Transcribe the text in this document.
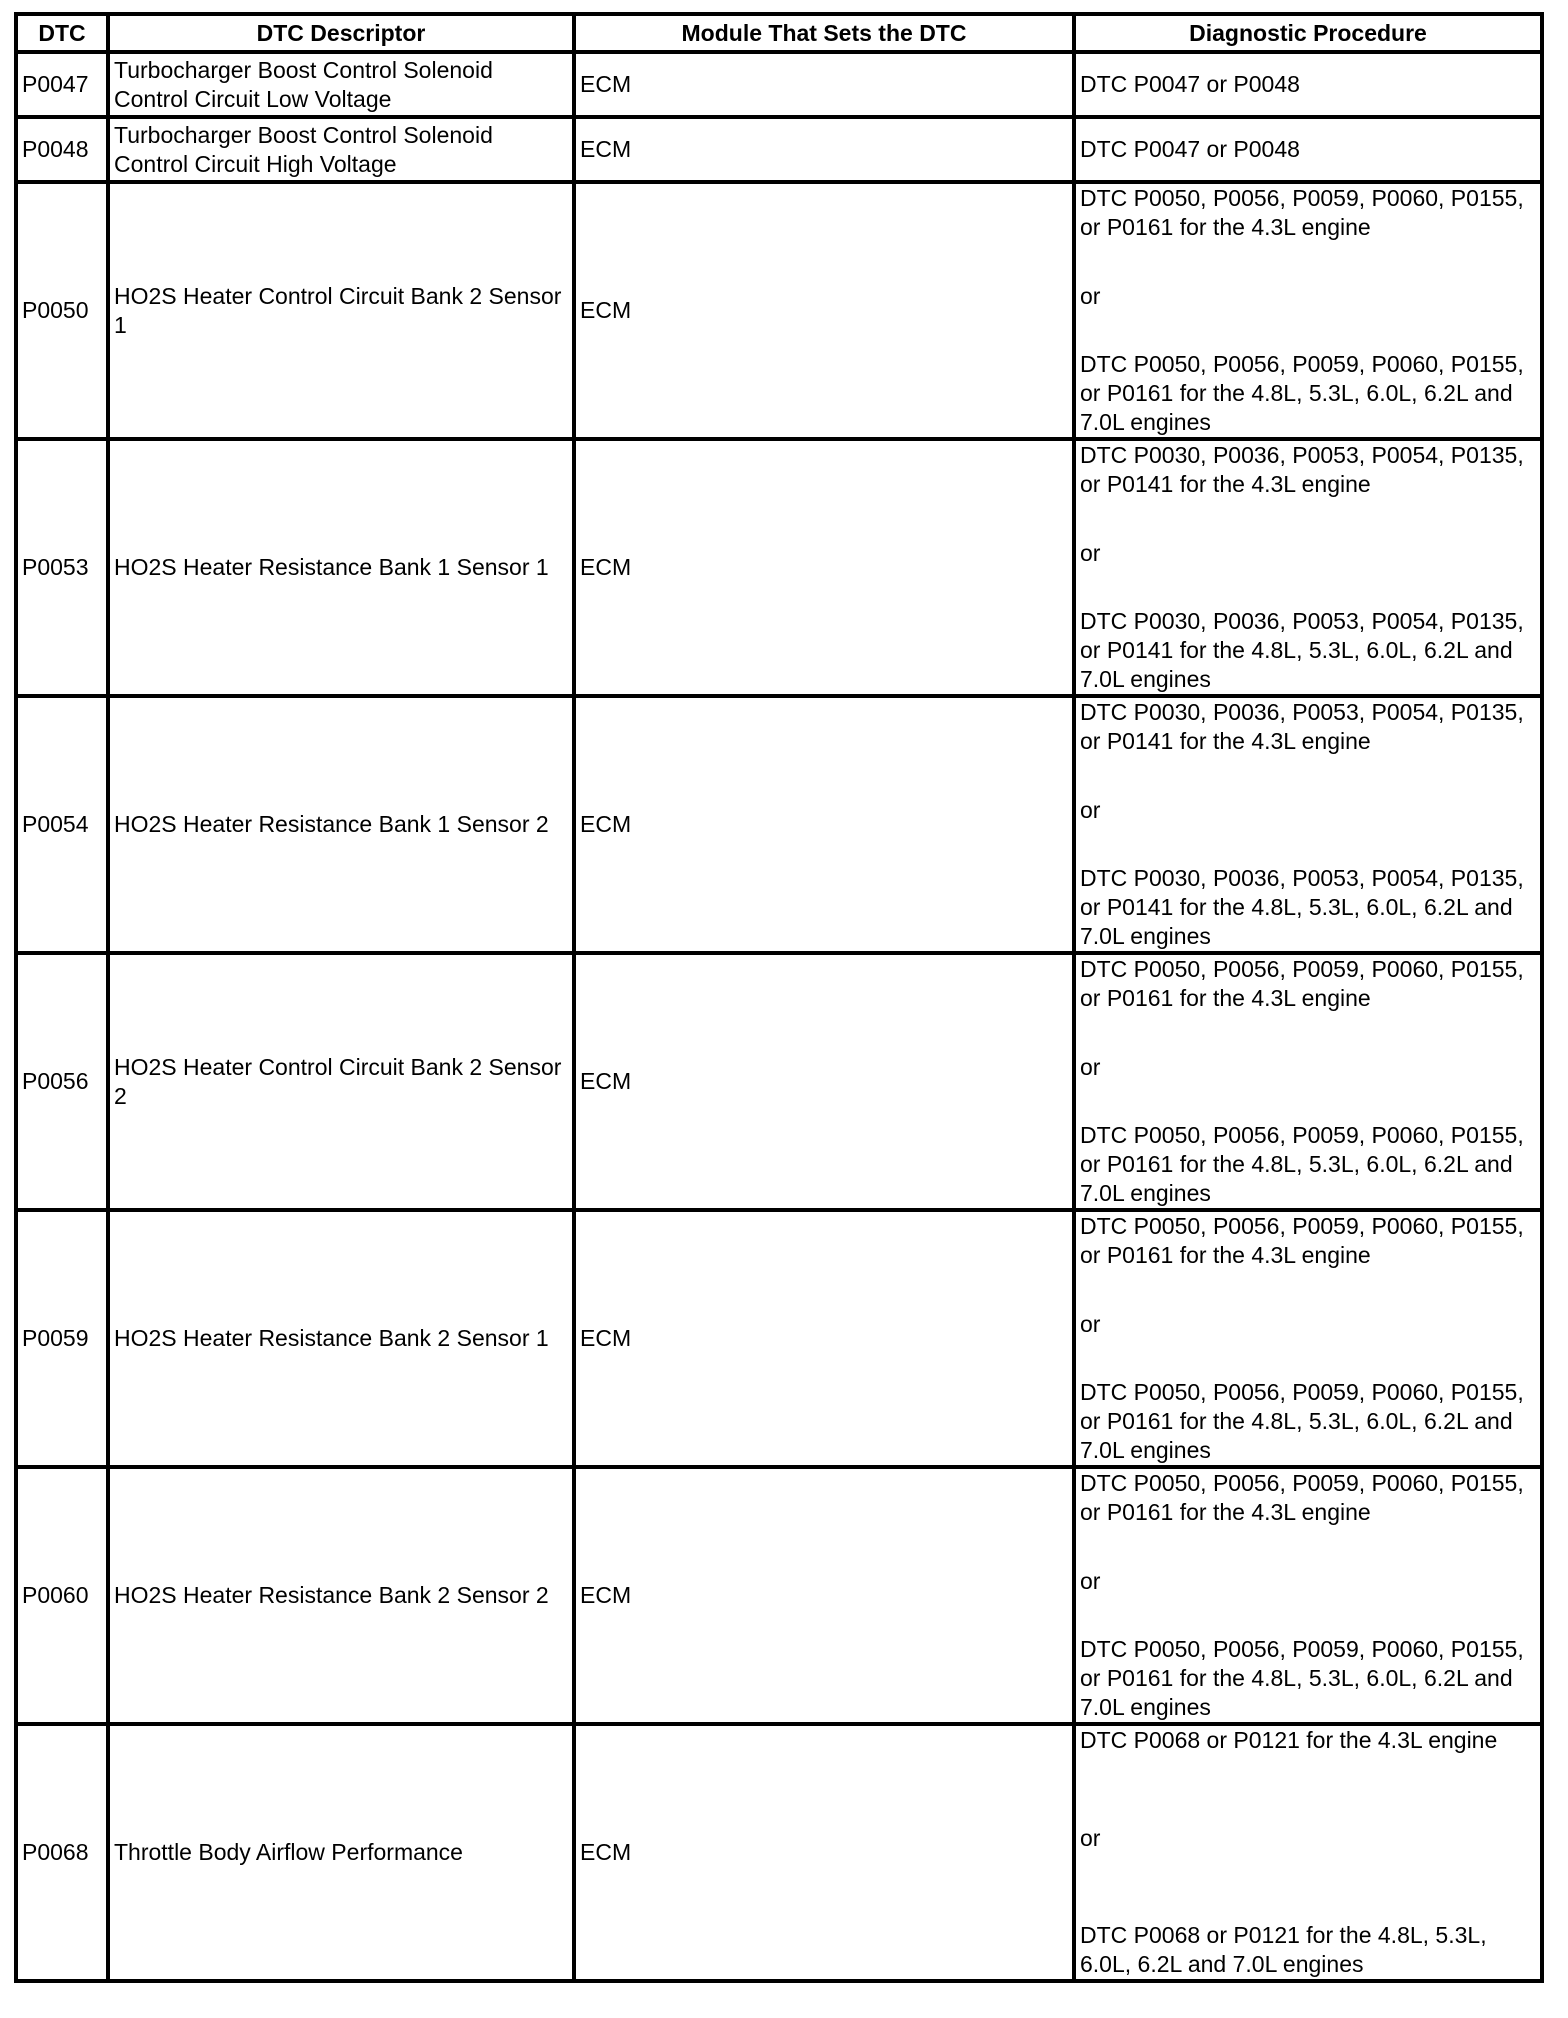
DTC	DTC Descriptor	Module That Sets the DTC	Diagnostic Procedure
P0047	Turbocharger Boost Control Solenoid Control Circuit Low Voltage	ECM	DTC P0047 or P0048
P0048	Turbocharger Boost Control Solenoid Control Circuit High Voltage	ECM	DTC P0047 or P0048
P0050	HO2S Heater Control Circuit Bank 2 Sensor 1	ECM	DTC P0050, P0056, P0059, P0060, P0155, or P0161 for the 4.3L engine
or
DTC P0050, P0056, P0059, P0060, P0155, or P0161 for the 4.8L, 5.3L, 6.0L, 6.2L and 7.0L engines

P0053	HO2S Heater Resistance Bank 1 Sensor 1	ECM	DTC P0030, P0036, P0053, P0054, P0135, or P0141 for the 4.3L engine
or
DTC P0030, P0036, P0053, P0054, P0135, or P0141 for the 4.8L, 5.3L, 6.0L, 6.2L and 7.0L engines

P0054	HO2S Heater Resistance Bank 1 Sensor 2	ECM	DTC P0030, P0036, P0053, P0054, P0135, or P0141 for the 4.3L engine
or
DTC P0030, P0036, P0053, P0054, P0135, or P0141 for the 4.8L, 5.3L, 6.0L, 6.2L and 7.0L engines

P0056	HO2S Heater Control Circuit Bank 2 Sensor 2	ECM	DTC P0050, P0056, P0059, P0060, P0155, or P0161 for the 4.3L engine
or
DTC P0050, P0056, P0059, P0060, P0155, or P0161 for the 4.8L, 5.3L, 6.0L, 6.2L and 7.0L engines

P0059	HO2S Heater Resistance Bank 2 Sensor 1	ECM	DTC P0050, P0056, P0059, P0060, P0155, or P0161 for the 4.3L engine
or
DTC P0050, P0056, P0059, P0060, P0155, or P0161 for the 4.8L, 5.3L, 6.0L, 6.2L and 7.0L engines

P0060	HO2S Heater Resistance Bank 2 Sensor 2	ECM	DTC P0050, P0056, P0059, P0060, P0155, or P0161 for the 4.3L engine
or
DTC P0050, P0056, P0059, P0060, P0155, or P0161 for the 4.8L, 5.3L, 6.0L, 6.2L and 7.0L engines

P0068	Throttle Body Airflow Performance	ECM	DTC P0068 or P0121 for the 4.3L engine
or
DTC P0068 or P0121 for the 4.8L, 5.3L, 6.0L, 6.2L and 7.0L engines
